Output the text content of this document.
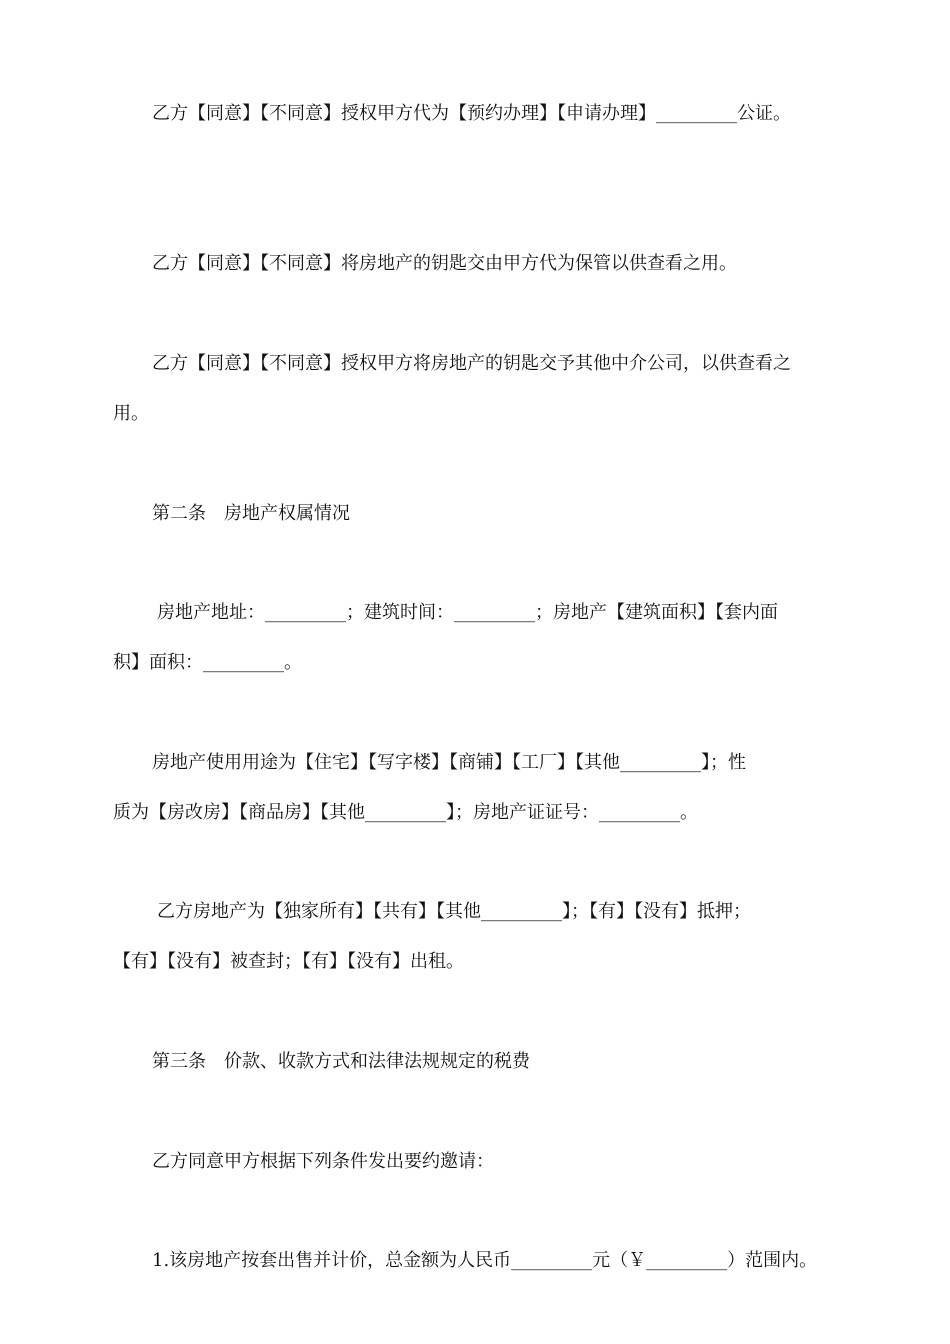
乙方【同意】【不同意】授权甲方代为【预约办理】【申请办理】_________公证。
乙方【同意】【不同意】将房地产的钥匙交由甲方代为保管以供查看之用。
乙方【同意】【不同意】授权甲方将房地产的钥匙交予其他中介公司，以供查看之
用。
第二条　房地产权属情况
房地产地址：_________；建筑时间：_________；房地产【建筑面积】【套内面
积】面积：_________。
房地产使用用途为【住宅】【写字楼】【商铺】【工厂】【其他_________】；性
质为【房改房】【商品房】【其他_________】；房地产证证号：_________。
乙方房地产为【独家所有】【共有】【其他_________】；【有】【没有】抵押；
【有】【没有】被查封；【有】【没有】出租。
第三条　价款、收款方式和法律法规规定的税费
乙方同意甲方根据下列条件发出要约邀请：
1.该房地产按套出售并计价，总金额为人民币_________元（￥_________）范围内。
